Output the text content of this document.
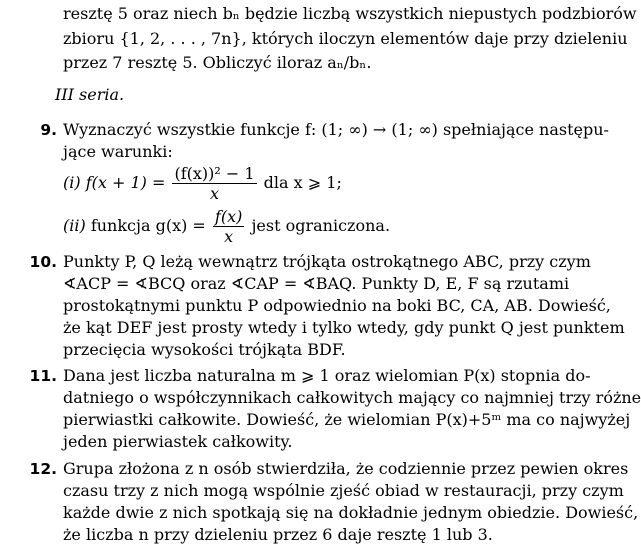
resztę 5 oraz niech bₙ będzie liczbą wszystkich niepustych podzbiorów
zbioru {1, 2, . . . , 7n}, których iloczyn elementów daje przy dzieleniu
przez 7 resztę 5. Obliczyć iloraz aₙ/bₙ.
III seria.
9. Wyznaczyć wszystkie funkcje f: (1; ∞) → (1; ∞) spełniające następu-
jące warunki:
(i) $f(x + 1) = \frac{\text{(f(x))² − 1}}{x}$ dla x ⩾ 1;
(ii) funkcja $g(x) = \frac{f(x)}{x}$ jest ograniczona.
10. Punkty P, Q leżą wewnątrz trójkąta ostrokątnego ABC, przy czym
∢ACP = ∢BCQ oraz ∢CAP = ∢BAQ. Punkty D, E, F są rzutami
prostokątnymi punktu P odpowiednio na boki BC, CA, AB. Dowieść,
że kąt DEF jest prosty wtedy i tylko wtedy, gdy punkt Q jest punktem
przecięcia wysokości trójkąta BDF.
11. Dana jest liczba naturalna m ⩾ 1 oraz wielomian P(x) stopnia do-
datniego o współczynnikach całkowitych mający co najmniej trzy różne
pierwiastki całkowite. Dowieść, że wielomian P(x)+5ᵐ ma co najwyżej
jeden pierwiastek całkowity.
12. Grupa złożona z n osób stwierdziła, że codziennie przez pewien okres
czasu trzy z nich mogą wspólnie zjeść obiad w restauracji, przy czym
każde dwie z nich spotkają się na dokładnie jednym obiedzie. Dowieść,
że liczba n przy dzieleniu przez 6 daje resztę 1 lub 3.
